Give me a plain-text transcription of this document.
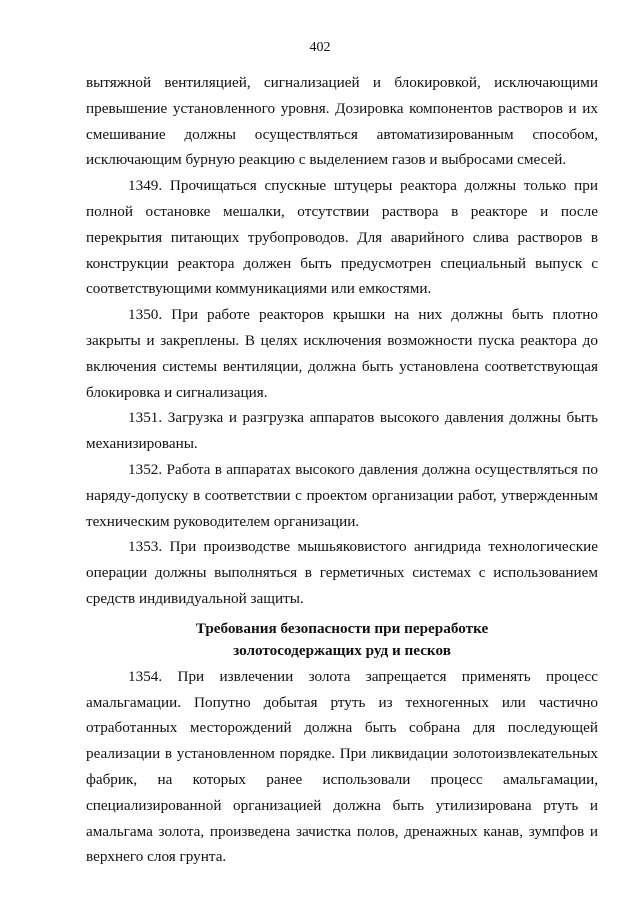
402
вытяжной вентиляцией, сигнализацией и блокировкой, исключающими
превышение установленного уровня. Дозировка компонентов растворов и их
смешивание должны осуществляться автоматизированным способом,
исключающим бурную реакцию с выделением газов и выбросами смесей.
1349. Прочищаться спускные штуцеры реактора должны только при
полной остановке мешалки, отсутствии раствора в реакторе и после
перекрытия питающих трубопроводов. Для аварийного слива растворов в
конструкции реактора должен быть предусмотрен специальный выпуск с
соответствующими коммуникациями или емкостями.
1350. При работе реакторов крышки на них должны быть плотно
закрыты и закреплены. В целях исключения возможности пуска реактора до
включения системы вентиляции, должна быть установлена соответствующая
блокировка и сигнализация.
1351. Загрузка и разгрузка аппаратов высокого давления должны быть
механизированы.
1352. Работа в аппаратах высокого давления должна осуществляться по
наряду-допуску в соответствии с проектом организации работ, утвержденным
техническим руководителем организации.
1353. При производстве мышьяковистого ангидрида технологические
операции должны выполняться в герметичных системах с использованием
средств индивидуальной защиты.
Требования безопасности при переработке
золотосодержащих руд и песков
1354. При извлечении золота запрещается применять процесс
амальгамации. Попутно добытая ртуть из техногенных или частично
отработанных месторождений должна быть собрана для последующей
реализации в установленном порядке. При ликвидации золотоизвлекательных
фабрик, на которых ранее использовали процесс амальгамации,
специализированной организацией должна быть утилизирована ртуть и
амальгама золота, произведена зачистка полов, дренажных канав, зумпфов и
верхнего слоя грунта.
